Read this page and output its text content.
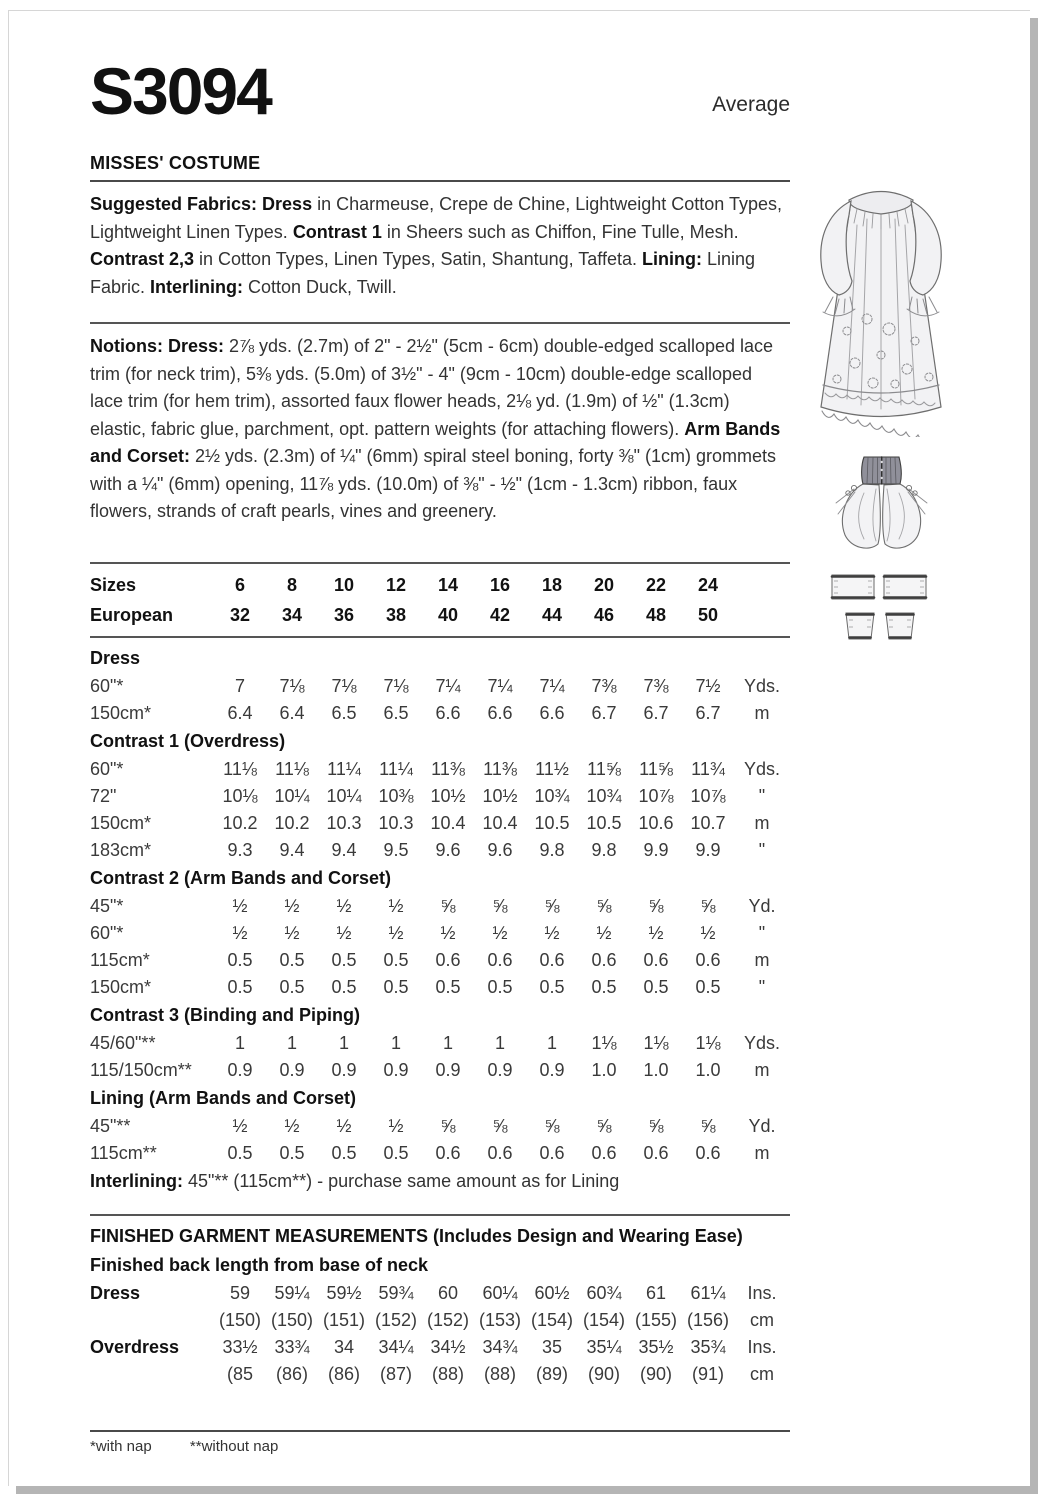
S3094	Average
MISSES' COSTUME

Suggested Fabrics: Dress in Charmeuse, Crepe de Chine, Lightweight Cotton Types, Lightweight Linen Types. Contrast 1 in Sheers such as Chiffon, Fine Tulle, Mesh. Contrast 2,3 in Cotton Types, Linen Types, Satin, Shantung, Taffeta. Lining: Lining Fabric. Interlining: Cotton Duck, Twill.

Notions: Dress: 2⅞ yds. (2.7m) of 2" - 2½" (5cm - 6cm) double-edged scalloped lace trim (for neck trim), 5⅜ yds. (5.0m) of 3½" - 4" (9cm - 10cm) double-edge scalloped lace trim (for hem trim), assorted faux flower heads, 2⅛ yd. (1.9m) of ½" (1.3cm) elastic, fabric glue, parchment, opt. pattern weights (for attaching flowers). Arm Bands and Corset: 2½ yds. (2.3m) of ¼" (6mm) spiral steel boning, forty ⅜" (1cm) grommets with a ¼" (6mm) opening, 11⅞ yds. (10.0m) of ⅜" - ½" (1cm - 1.3cm) ribbon, faux flowers, strands of craft pearls, vines and greenery.

Sizes	6	8	10	12	14	16	18	20	22	24
European	32	34	36	38	40	42	44	46	48	50
Dress
60"*	7	7⅛	7⅛	7⅛	7¼	7¼	7¼	7⅜	7⅜	7½	Yds.
150cm*	6.4	6.4	6.5	6.5	6.6	6.6	6.6	6.7	6.7	6.7	m
Contrast 1 (Overdress)
60"*	11⅛	11⅛	11¼	11¼	11⅜	11⅜	11½	11⅝	11⅝	11¾	Yds.
72"	10⅛ 10¼ 10¼ 10⅜ 10½ 10½ 10¾ 10¾ 10⅞ 10⅞	"
150cm*	10.2 10.2 10.3 10.3 10.4 10.4 10.5 10.5 10.6 10.7	m
183cm*	9.3	9.4	9.4	9.5	9.6	9.6	9.8	9.8	9.9	9.9	"
Contrast 2 (Arm Bands and Corset)
45"*	½	½	½	½	⅝	⅝	⅝	⅝	⅝	⅝	Yd.
60"*	½	½	½	½	½	½	½	½	½	½	"
115cm*	0.5	0.5	0.5	0.5	0.6	0.6	0.6	0.6	0.6	0.6	m
150cm*	0.5	0.5	0.5	0.5	0.5	0.5	0.5	0.5	0.5	0.5	"
Contrast 3 (Binding and Piping)
45/60"**	1	1	1	1	1	1	1	1⅛	1⅛	1⅛	Yds.
115/150cm**	0.9	0.9	0.9	0.9	0.9	0.9	0.9	1.0	1.0	1.0	m
Lining (Arm Bands and Corset)
45"**	½	½	½	½	⅝	⅝	⅝	⅝	⅝	⅝	Yd.
115cm**	0.5	0.5	0.5	0.5	0.6	0.6	0.6	0.6	0.6	0.6	m
Interlining: 45"** (115cm**) - purchase same amount as for Lining
FINISHED GARMENT MEASUREMENTS (Includes Design and Wearing Ease)
Finished back length from base of neck
Dress	59	59¼ 59½ 59¾	60	60¼ 60½ 60¾	61	61¼	Ins.
(150) (150) (151) (152) (152) (153) (154) (154) (155) (156)	cm
Overdress	33½ 33¾	34	34¼ 34½ 34¾	35	35¼ 35½ 35¾	Ins.
(85	(86)	(86)	(87)	(88)	(88)	(89)	(90)	(90)	(91)	cm
*with nap	**without nap
